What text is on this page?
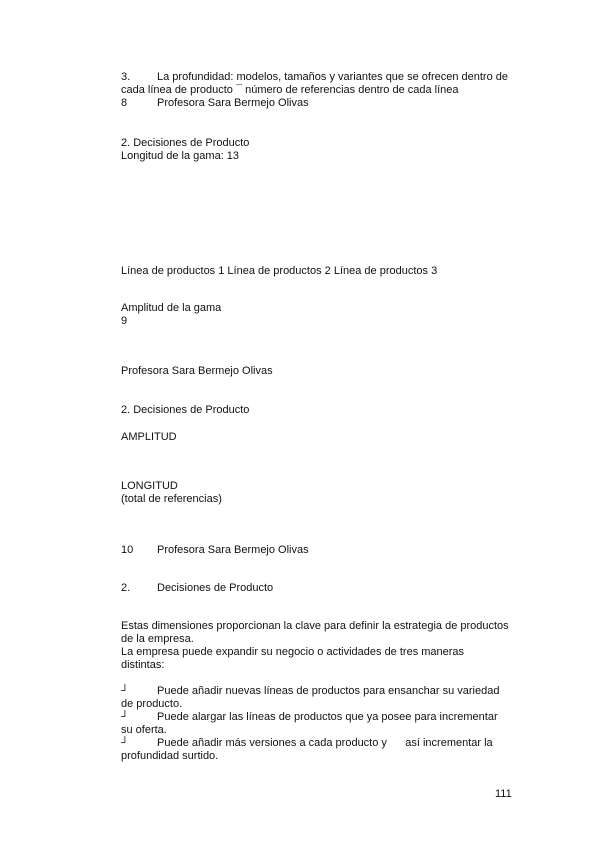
3. La profundidad: modelos, tamaños y variantes que se ofrecen dentro de
cada línea de producto ¯ número de referencias dentro de cada línea
8	Profesora Sara Bermejo Olivas
2. Decisiones de Producto
Longitud de la gama: 13
Línea de productos 1 Línea de productos 2 Línea de productos 3
Amplitud de la gama
9
Profesora Sara Bermejo Olivas
2. Decisiones de Producto
AMPLITUD
LONGITUD
(total de referencias)
10 Profesora Sara Bermejo Olivas
2. Decisiones de Producto
Estas dimensiones proporcionan la clave para definir la estrategia de productos
de la empresa.
La empresa puede expandir su negocio o actividades de tres maneras
distintas:
┘	Puede añadir nuevas líneas de productos para ensanchar su variedad
de producto.
┘	Puede alargar las líneas de productos que ya posee para incrementar
su oferta.
┘	Puede añadir más versiones a cada producto y      así incrementar la
profundidad surtido.
111
